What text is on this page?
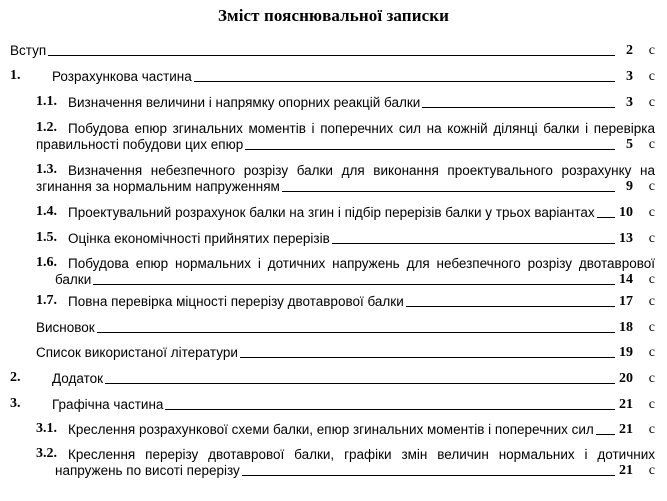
Зміст пояснювальної записки
Вступ	2	с
1. Розрахункова частина	3	с
1.1. Визначення величини і напрямку опорних реакцій балки	3	с
1.2. Побудова епюр згинальних моментів і поперечних сил на кожній ділянці балки і перевірка
правильності побудови цих епюр	5	с
1.3. Визначення небезпечного розрізу балки для виконання проектувального розрахунку на
згинання за нормальним напруженням	9	с
1.4. Проектувальний розрахунок балки на згин і підбір перерізів балки у трьох варіантах 10	с
1.5. Оцінка економічності прийнятих перерізів	13	с
1.6. Побудова епюр нормальних і дотичних напружень для небезпечного розрізу двотаврової
балки	14	с
1.7. Повна перевірка міцності перерізу двотаврової балки	17	с
Висновок	18	с
Список використаної літератури	19	с
2. Додаток	20	с
3. Графічна частина	21	с
3.1. Креслення розрахункової схеми балки, епюр згинальних моментів і поперечних сил 21	с
3.2. Креслення перерізу двотаврової балки, графіки змін величин нормальних і дотичних
напружень по висоті перерізу	21	с
